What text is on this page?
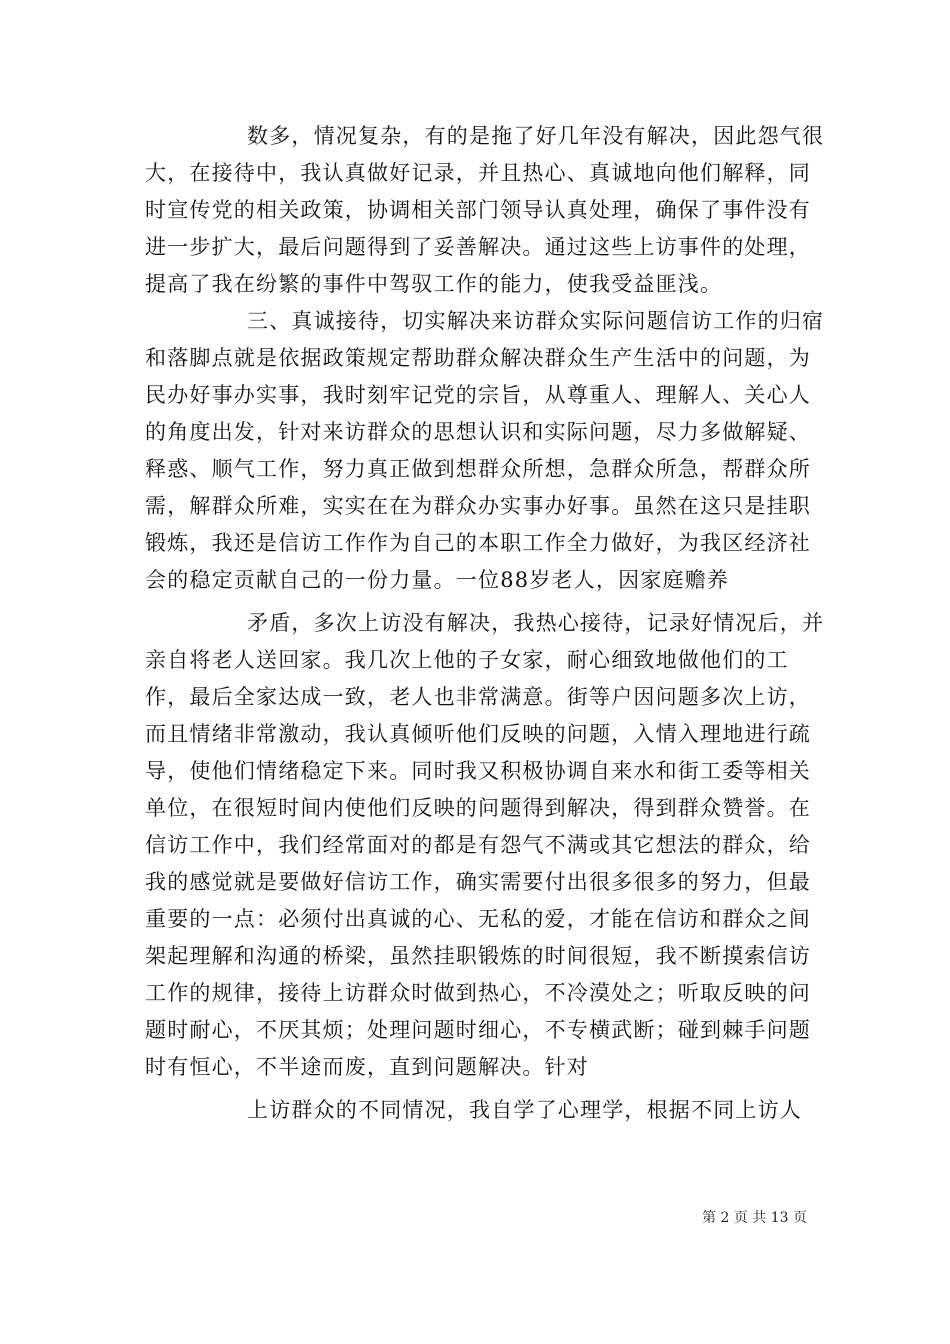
数多，情况复杂，有的是拖了好几年没有解决，因此怨气很大，在接待中，我认真做好记录，并且热心、真诚地向他们解释，同时宣传党的相关政策，协调相关部门领导认真处理，确保了事件没有进一步扩大，最后问题得到了妥善解决。通过这些上访事件的处理，提高了我在纷繁的事件中驾驭工作的能力，使我受益匪浅。

三、真诚接待，切实解决来访群众实际问题信访工作的归宿和落脚点就是依据政策规定帮助群众解决群众生产生活中的问题，为民办好事办实事，我时刻牢记党的宗旨，从尊重人、理解人、关心人的角度出发，针对来访群众的思想认识和实际问题，尽力多做解疑、释惑、顺气工作，努力真正做到想群众所想，急群众所急，帮群众所需，解群众所难，实实在在为群众办实事办好事。虽然在这只是挂职锻炼，我还是信访工作作为自己的本职工作全力做好，为我区经济社会的稳定贡献自己的一份力量。一位88岁老人，因家庭赡养

矛盾，多次上访没有解决，我热心接待，记录好情况后，并亲自将老人送回家。我几次上他的子女家，耐心细致地做他们的工作，最后全家达成一致，老人也非常满意。街等户因问题多次上访，而且情绪非常激动，我认真倾听他们反映的问题，入情入理地进行疏导，使他们情绪稳定下来。同时我又积极协调自来水和街工委等相关单位，在很短时间内使他们反映的问题得到解决，得到群众赞誉。在信访工作中，我们经常面对的都是有怨气不满或其它想法的群众，给我的感觉就是要做好信访工作，确实需要付出很多很多的努力，但最重要的一点：必须付出真诚的心、无私的爱，才能在信访和群众之间架起理解和沟通的桥梁，虽然挂职锻炼的时间很短，我不断摸索信访工作的规律，接待上访群众时做到热心，不冷漠处之；听取反映的问题时耐心，不厌其烦；处理问题时细心，不专横武断；碰到棘手问题时有恒心，不半途而废，直到问题解决。针对

上访群众的不同情况，我自学了心理学，根据不同上访人

第 2 页 共 13 页
